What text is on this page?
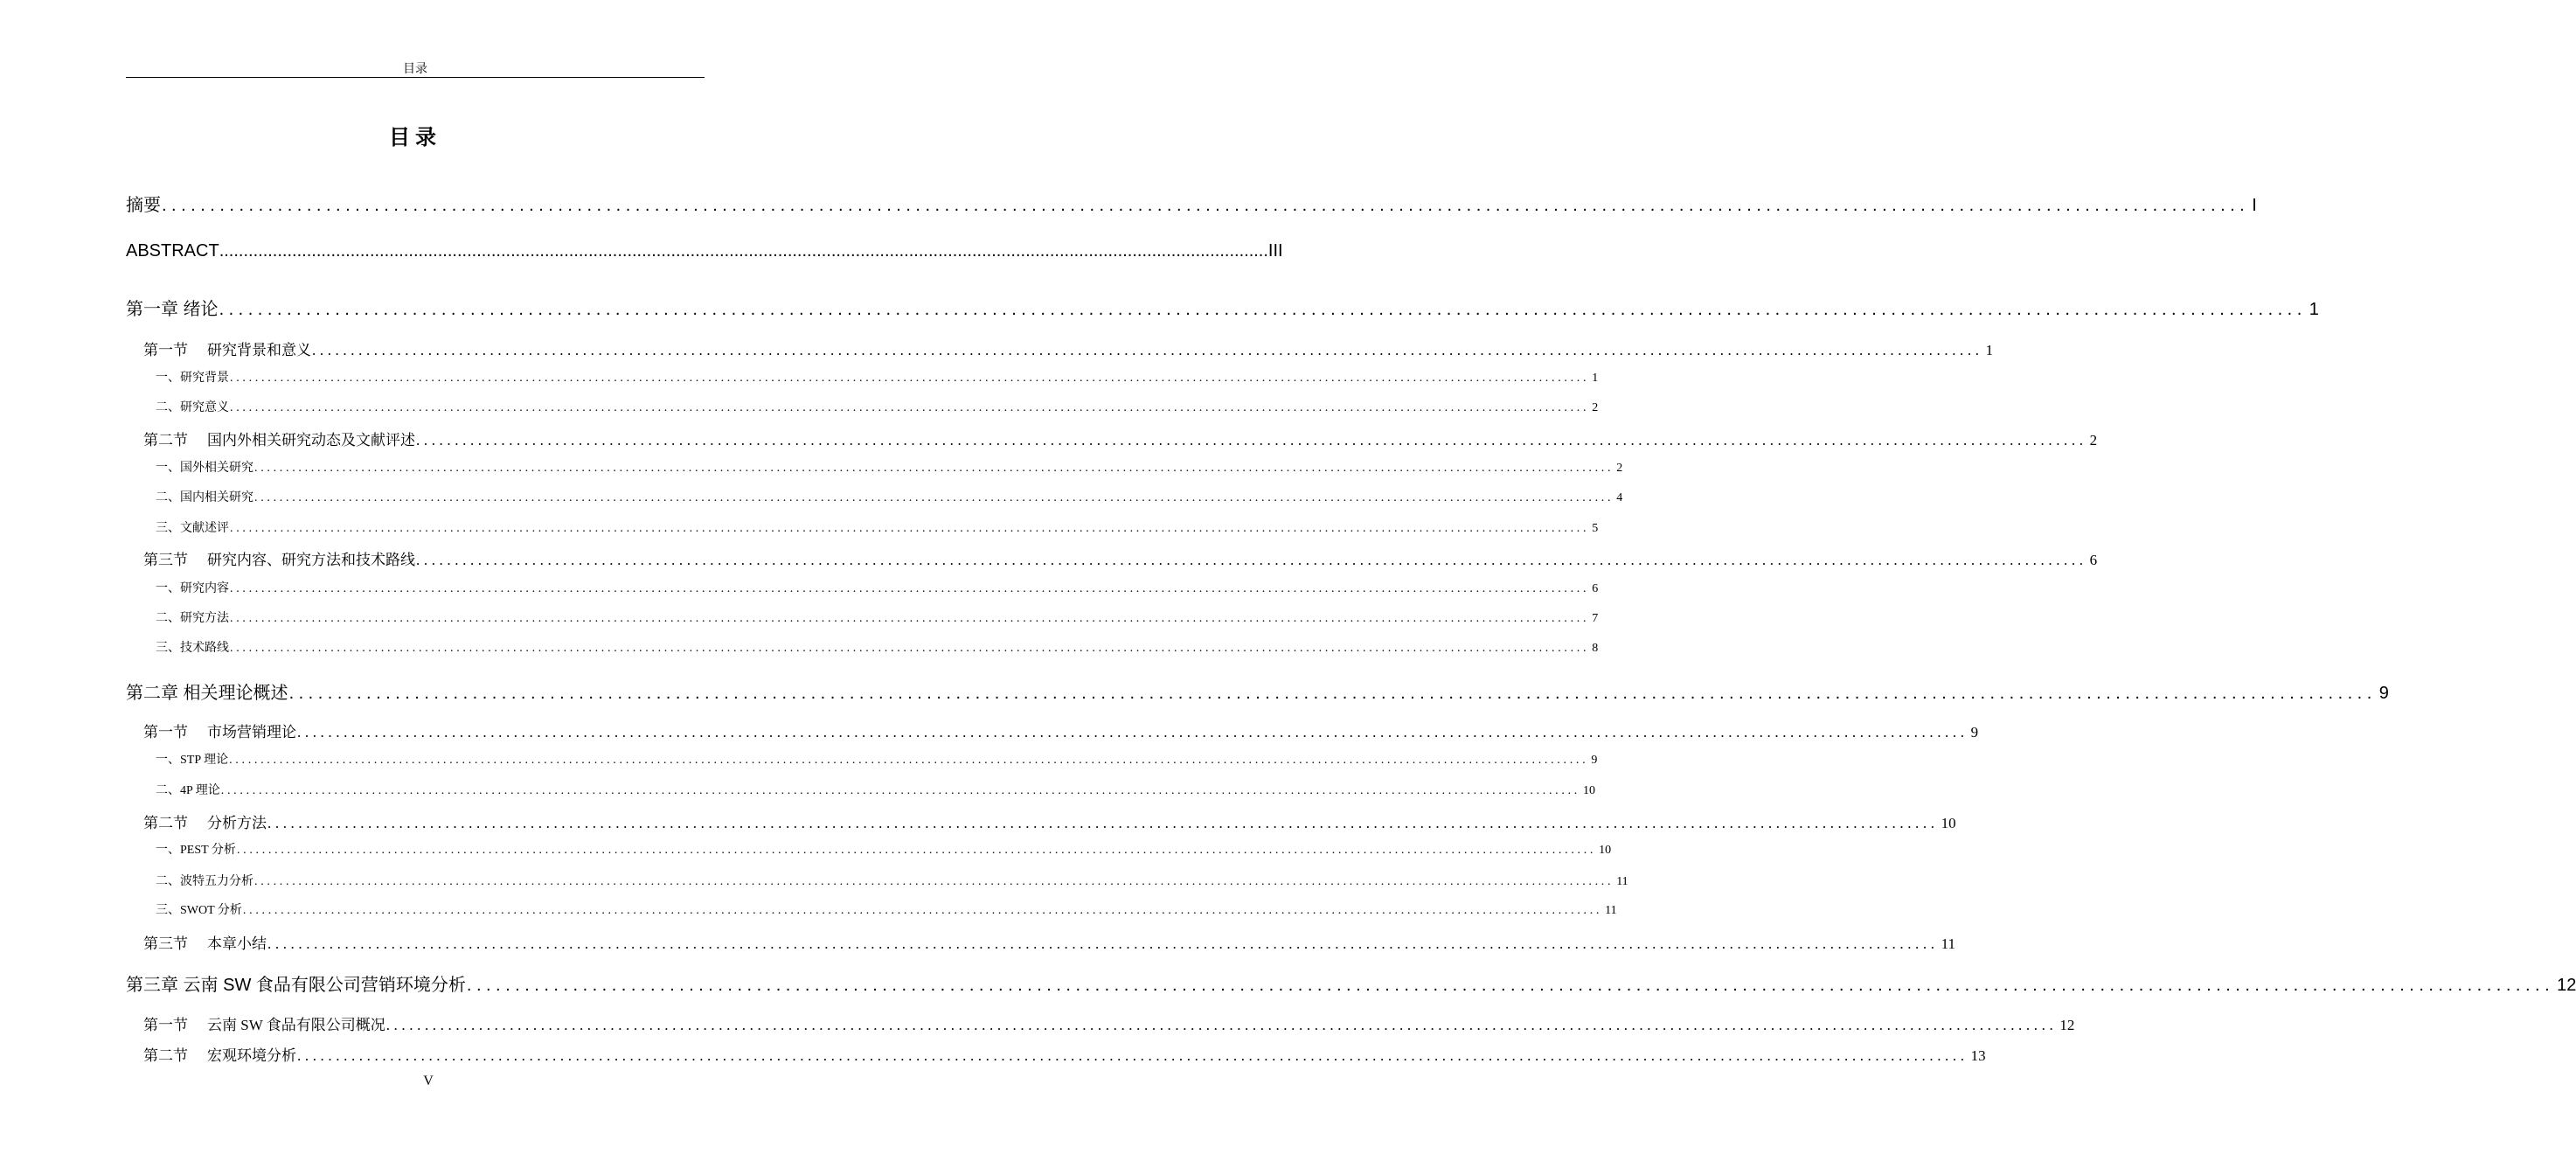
目录
目录
摘要 ........................................................................................................................................................................................................................ I
ABSTRACT ........................................................................................................................................................................................................................ III
第一章 绪论 ........................................................................................................................................................................................................................ 1
第一节 研究背景和意义 ........................................................................................................................................................................................................................ 1
一、研究背景 ........................................................................................................................................................................................................................ 1
二、研究意义 ........................................................................................................................................................................................................................ 2
第二节 国内外相关研究动态及文献评述 ........................................................................................................................................................................................................................ 2
一、国外相关研究 ........................................................................................................................................................................................................................ 2
二、国内相关研究 ........................................................................................................................................................................................................................ 4
三、文献述评 ........................................................................................................................................................................................................................ 5
第三节 研究内容、研究方法和技术路线 ........................................................................................................................................................................................................................ 6
一、研究内容 ........................................................................................................................................................................................................................ 6
二、研究方法 ........................................................................................................................................................................................................................ 7
三、技术路线 ........................................................................................................................................................................................................................ 8
第二章 相关理论概述 ........................................................................................................................................................................................................................ 9
第一节 市场营销理论 ........................................................................................................................................................................................................................ 9
一、STP 理论 ........................................................................................................................................................................................................................ 9
二、4P 理论 ........................................................................................................................................................................................................................ 10
第二节 分析方法 ........................................................................................................................................................................................................................ 10
一、PEST 分析 ........................................................................................................................................................................................................................ 10
二、波特五力分析 ........................................................................................................................................................................................................................ 11
三、SWOT 分析 ........................................................................................................................................................................................................................ 11
第三节 本章小结 ........................................................................................................................................................................................................................ 11
第三章 云南 SW 食品有限公司营销环境分析 ........................................................................................................................................................................................................................ 12
第一节 云南 SW 食品有限公司概况 ........................................................................................................................................................................................................................ 12
第二节 宏观环境分析 ........................................................................................................................................................................................................................ 13
V
